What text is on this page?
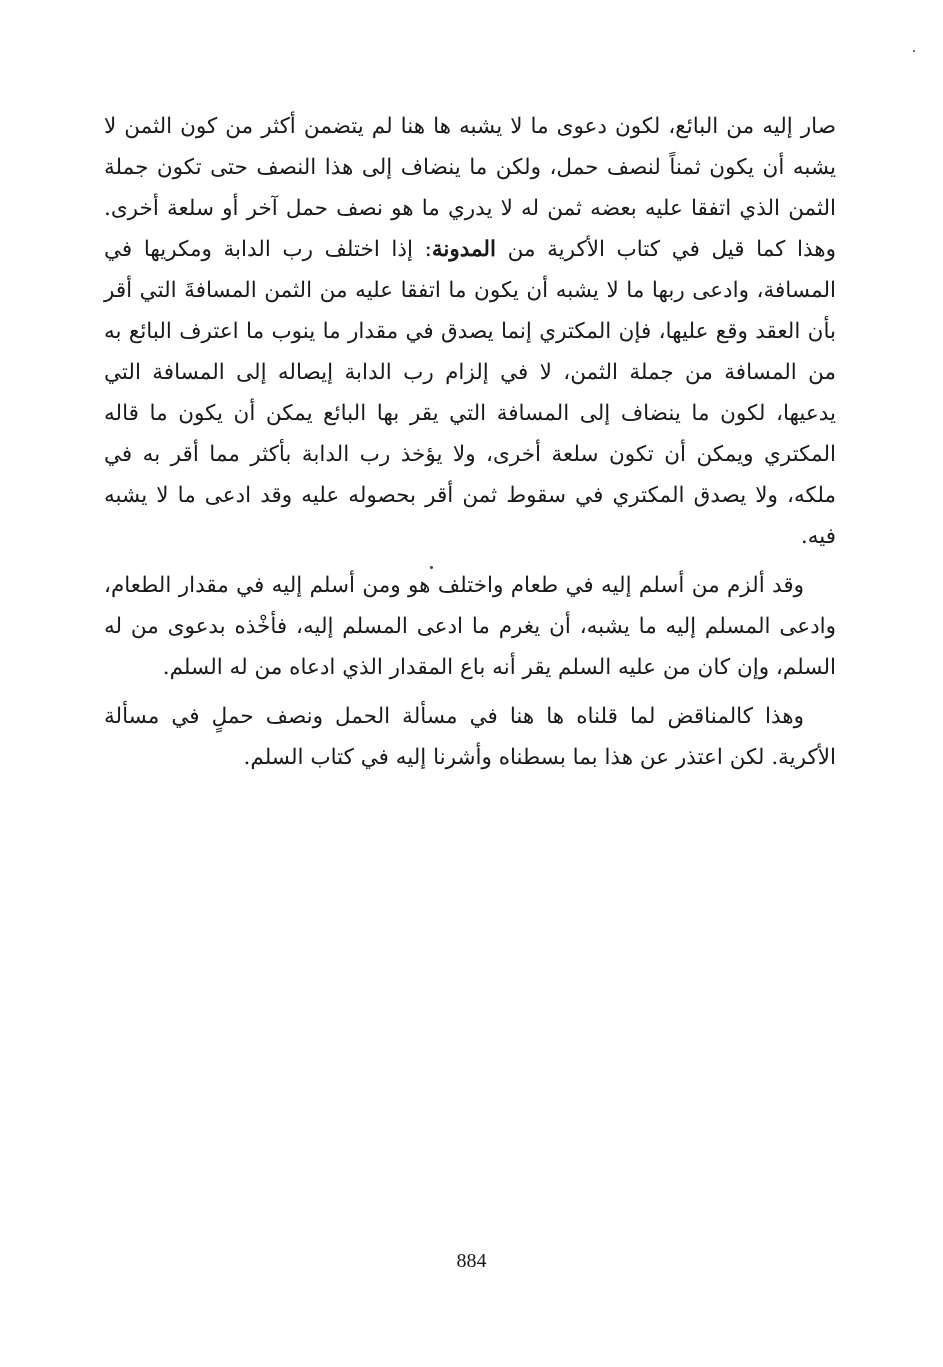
صار إليه من البائع، لكون دعوى ما لا يشبه ها هنا لم يتضمن أكثر من كون الثمن لا يشبه أن يكون ثمناً لنصف حمل، ولكن ما ينضاف إلى هذا النصف حتى تكون جملة الثمن الذي اتفقا عليه بعضه ثمن له لا يدري ما هو نصف حمل آخر أو سلعة أخرى. وهذا كما قيل في كتاب الأكرية من المدونة: إذا اختلف رب الدابة ومكريها في المسافة، وادعى ربها ما لا يشبه أن يكون ما اتفقا عليه من الثمن المسافةَ التي أقر بأن العقد وقع عليها، فإن المكتري إنما يصدق في مقدار ما ينوب ما اعترف البائع به من المسافة من جملة الثمن، لا في إلزام رب الدابة إيصاله إلى المسافة التي يدعيها، لكون ما ينضاف إلى المسافة التي يقر بها البائع يمكن أن يكون ما قاله المكتري ويمكن أن تكون سلعة أخرى، ولا يؤخذ رب الدابة بأكثر مما أقر به في ملكه، ولا يصدق المكتري في سقوط ثمن أقر بحصوله عليه وقد ادعى ما لا يشبه فيه.

وقد ألزم من أسلم إليه في طعام واختلف هو ومن أسلم إليه في مقدار الطعام، وادعى المسلم إليه ما يشبه، أن يغرم ما ادعى المسلم إليه، فأخْذه بدعوى من له السلم، وإن كان من عليه السلم يقر أنه باع المقدار الذي ادعاه من له السلم.

وهذا كالمناقض لما قلناه ها هنا في مسألة الحمل ونصف حملٍ في مسألة الأكرية. لكن اعتذر عن هذا بما بسطناه وأشرنا إليه في كتاب السلم.

884
